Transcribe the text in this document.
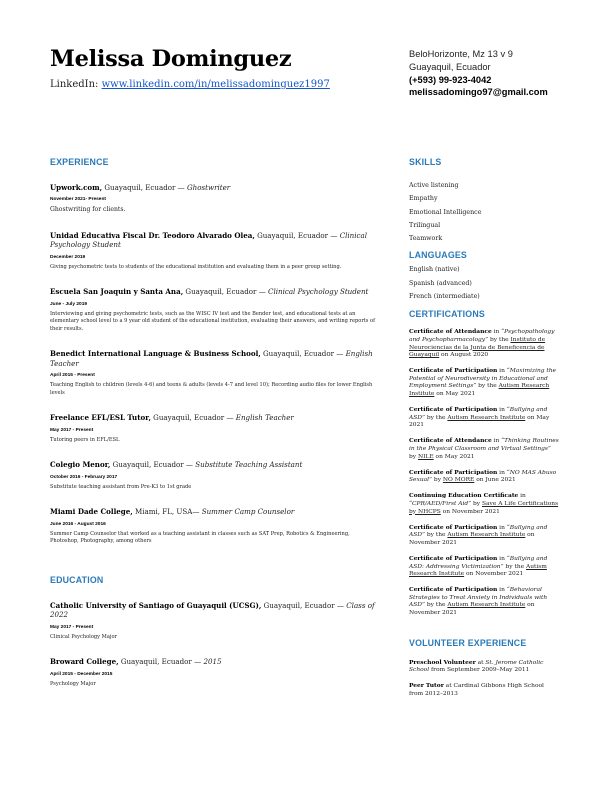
Melissa Dominguez
LinkedIn: www.linkedin.com/in/melissadominguez1997
BeloHorizonte, Mz 13 v 9
Guayaquil, Ecuador
(+593) 99-923-4042
melissadomingo97@gmail.com
EXPERIENCE
Upwork.com, Guayaquil, Ecuador — Ghostwriter
November 2021- Present
Ghostwriting for clients.
Unidad Educativa Fiscal Dr. Teodoro Alvarado Olea, Guayaquil, Ecuador — Clinical Psychology Student
December 2019
Giving psychometric tests to students of the educational institution and evaluating them in a peer group setting.
Escuela San Joaquin y Santa Ana, Guayaquil, Ecuador — Clinical Psychology Student
June - July 2019
Interviewing and giving psychometric tests, such as the WISC IV test and the Bender test, and educational tests at an elementary school level to a 9 year old student of the educational institution, evaluating their answers, and writing reports of their results.
Benedict International Language & Business School, Guayaquil, Ecuador — English Teacher
April 2015 - Present
Teaching English to children (levels 4-6) and teens & adults (levels 4-7 and level 10); Recording audio files for lower English levels
Freelance EFL/ESL Tutor, Guayaquil, Ecuador — English Teacher
May 2017 - Present
Tutoring peers in EFL/ESL
Colegio Menor, Guayaquil, Ecuador — Substitute Teaching Assistant
October 2016 - February 2017
Substitute teaching assistant from Pre-K3 to 1st grade
Miami Dade College, Miami, FL, USA— Summer Camp Counselor
June 2016 - August 2016
Summer Camp Counselor that worked as a teaching assistant in classes such as SAT Prep, Robotics & Engineering, Photoshop, Photography, among others
EDUCATION
Catholic University of Santiago of Guayaquil (UCSG), Guayaquil, Ecuador — Class of 2022
May 2017 - Present
Clinical Psychology Major
Broward College, Guayaquil, Ecuador — 2015
April 2015 - December 2015
Psychology Major
SKILLS
Active listening
Empathy
Emotional Intelligence
Trilingual
Teamwork
LANGUAGES
English (native)
Spanish (advanced)
French (intermediate)
CERTIFICATIONS
Certificate of Attendance in “Psychopathology and Psychopharmacology” by the Instituto de Neurociencias de la Junta de Beneficencia de Guayaquil on August 2020
Certificate of Participation in “Maximizing the Potential of Neurodiversity in Educational and Employment Settings” by the Autism Research Institute on May 2021
Certificate of Participation in “Bullying and ASD” by the Autism Research Institute on May 2021
Certificate of Attendance in “Thinking Routines in the Physical Classroom and Virtual Settings” by NILE on May 2021
Certificate of Participation in “NO MAS Abuso Sexual” by NO MORE on June 2021
Continuing Education Certificate in “CPR/AED/First Aid” by Save A Life Certifications by NHCPS on November 2021
Certificate of Participation in “Bullying and ASD” by the Autism Research Institute on November 2021
Certificate of Participation in “Bullying and ASD: Addressing Victimization” by the Autism Research Institute on November 2021
Certificate of Participation in “Behavioral Strategies to Treat Anxiety in Individuals with ASD” by the Autism Research Institute on November 2021
VOLUNTEER EXPERIENCE
Preschool Volunteer at St. Jerome Catholic School from September 2009–May 2011
Peer Tutor at Cardinal Gibbons High School from 2012–2013
